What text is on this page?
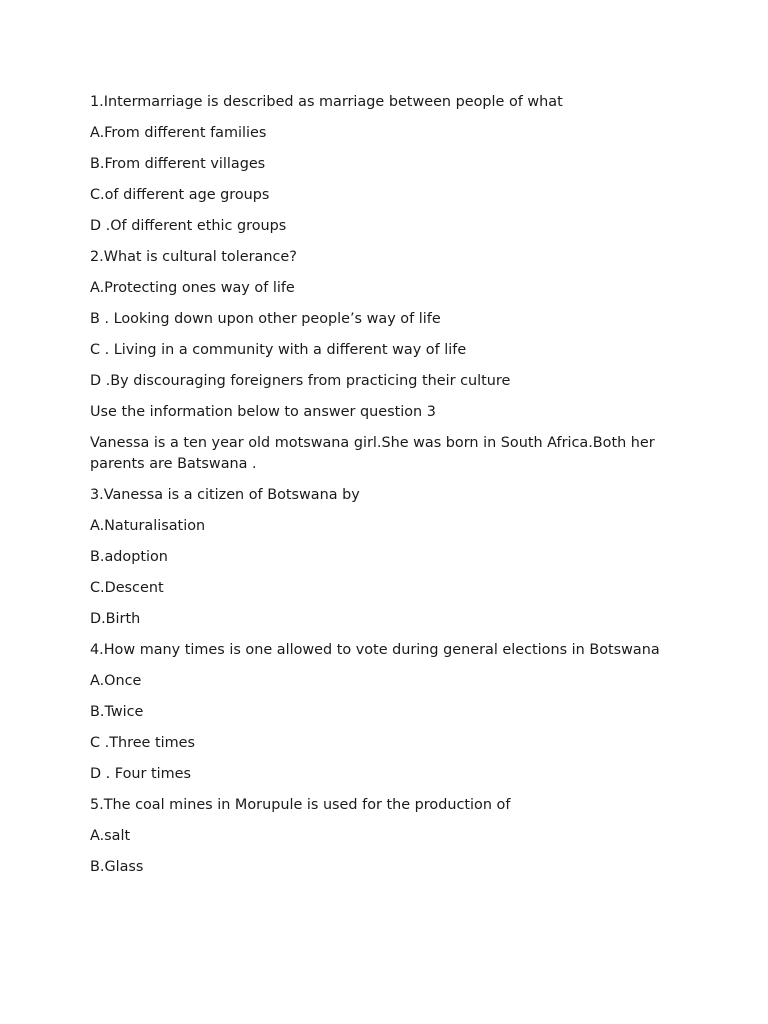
1.Intermarriage is described as marriage between people of what

A.From different families

B.From different villages

C.of different age groups

D .Of different ethic groups

2.What is cultural tolerance?

A.Protecting ones way of life

B . Looking down upon other people’s way of life

C . Living in a community with a different way of life

D .By discouraging foreigners from practicing their culture

Use the information below to answer question 3

Vanessa is a ten year old motswana girl.She was born in South Africa.Both her parents are Batswana .

3.Vanessa is a citizen of Botswana by

A.Naturalisation

B.adoption

C.Descent

D.Birth

4.How many times is one allowed to vote during general elections in Botswana

A.Once

B.Twice

C .Three times

D . Four times

5.The coal mines in Morupule is used for the production of

A.salt

B.Glass
